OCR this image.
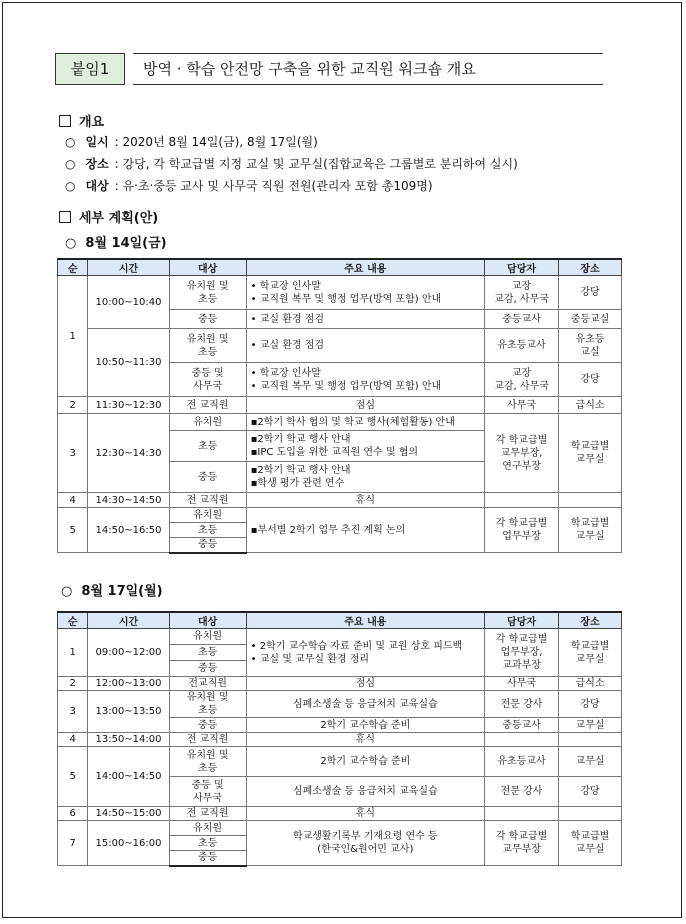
붙임1	방역 · 학습 안전망 구축을 위한 교직원 워크숍 개요
개요
○ 일시 : 2020년 8월 14일(금), 8월 17일(월)
○ 장소 : 강당, 각 학교급별 지정 교실 및 교무실(집합교육은 그룹별로 분리하여 실시)
○ 대상 : 유‧초‧중등 교사 및 사무국 직원 전원(관리자 포함 총109명)
세부 계획(안)
○ 8월 14일(금)
순	시간	대상	주요 내용	담당자	장소
1	10:00~10:40	유치원 및
초등	• 학교장 인사말
• 교직원 복무 및 행정 업무(방역 포함) 안내	교장
교감, 사무국	강당
		중등	• 교실 환경 점검	중등교사	중등교실
	10:50~11:30	유치원 및
초등	• 교실 환경 점검	유초등교사	유초등
교실
		중등 및
사무국	• 학교장 인사말
• 교직원 복무 및 행정 업무(방역 포함) 안내	교장
교감, 사무국	강당
2	11:30~12:30	전 교직원	점심	사무국	급식소
3	12:30~14:30	유치원	▪2학기 학사 협의 및 학교 행사(체험활동) 안내	각 학교급별
교무부장,
연구부장	학교급별
교무실
		초등	▪2학기 학교 행사 안내
▪IPC 도입을 위한 교직원 연수 및 협의		
		중등	▪2학기 학교 행사 안내
▪학생 평가 관련 연수		
4	14:30~14:50	전 교직원	휴식		
5	14:50~16:50	유치원	▪부서별 2학기 업무 추진 계획 논의	각 학교급별
업무부장	학교급별
교무실
		초등			
		중등			
○ 8월 17일(월)
순	시간	대상	주요 내용	담당자	장소
1	09:00~12:00	유치원	• 2학기 교수학습 자료 준비 및 교원 상호 피드백
• 교실 및 교무실 환경 정리	각 학교급별
업무부장,
교과부장	학교급별
교무실
		초등			
		중등			
2	12:00~13:00	전교직원	점심	사무국	급식소
3	13:00~13:50	유치원 및
초등	심폐소생술 등 응급처치 교육실습	전문 강사	강당
		중등	2학기 교수학습 준비	중등교사	교무실
4	13:50~14:00	전 교직원	휴식		
5	14:00~14:50	유치원 및
초등	2학기 교수학습 준비	유초등교사	교무실
		중등 및
사무국	심폐소생술 등 응급처치 교육실습	전문 강사	강당
6	14:50~15:00	전 교직원	휴식		
7	15:00~16:00	유치원	학교생활기록부 기재요령 연수 등
(한국인&원어민 교사)	각 학교급별
교무부장	학교급별
교무실
		초등			
		중등			
